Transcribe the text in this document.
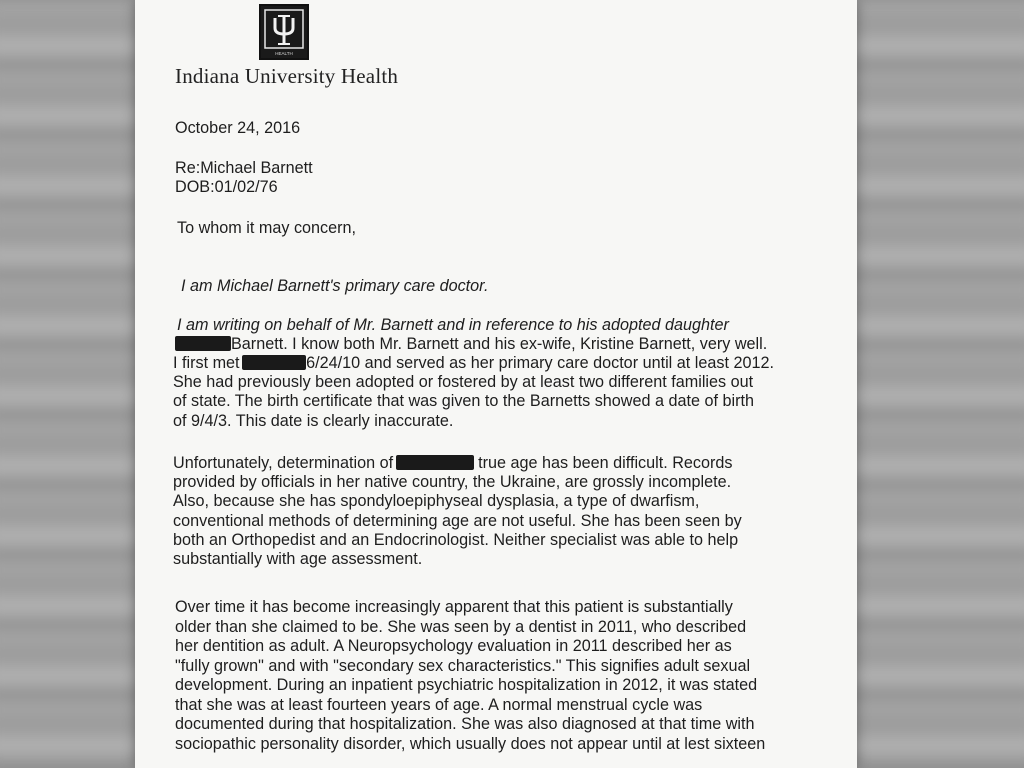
HEALTH
Indiana University Health
October 24, 2016
Re:Michael Barnett
DOB:01/02/76
To whom it may concern,
I am Michael Barnett's primary care doctor.
I am writing on behalf of Mr. Barnett and in reference to his adopted daughter
Barnett. I know both Mr. Barnett and his ex-wife, Kristine Barnett, very well.
I first met	6/24/10 and served as her primary care doctor until at least 2012.
She had previously been adopted or fostered by at least two different families out
of state. The birth certificate that was given to the Barnetts showed a date of birth
of 9/4/3. This date is clearly inaccurate.
Unfortunately, determination of	true age has been difficult. Records
provided by officials in her native country, the Ukraine, are grossly incomplete.
Also, because she has spondyloepiphyseal dysplasia, a type of dwarfism,
conventional methods of determining age are not useful. She has been seen by
both an Orthopedist and an Endocrinologist. Neither specialist was able to help
substantially with age assessment.
Over time it has become increasingly apparent that this patient is substantially
older than she claimed to be. She was seen by a dentist in 2011, who described
her dentition as adult. A Neuropsychology evaluation in 2011 described her as
"fully grown" and with "secondary sex characteristics." This signifies adult sexual
development. During an inpatient psychiatric hospitalization in 2012, it was stated
that she was at least fourteen years of age. A normal menstrual cycle was
documented during that hospitalization. She was also diagnosed at that time with
sociopathic personality disorder, which usually does not appear until at lest sixteen
